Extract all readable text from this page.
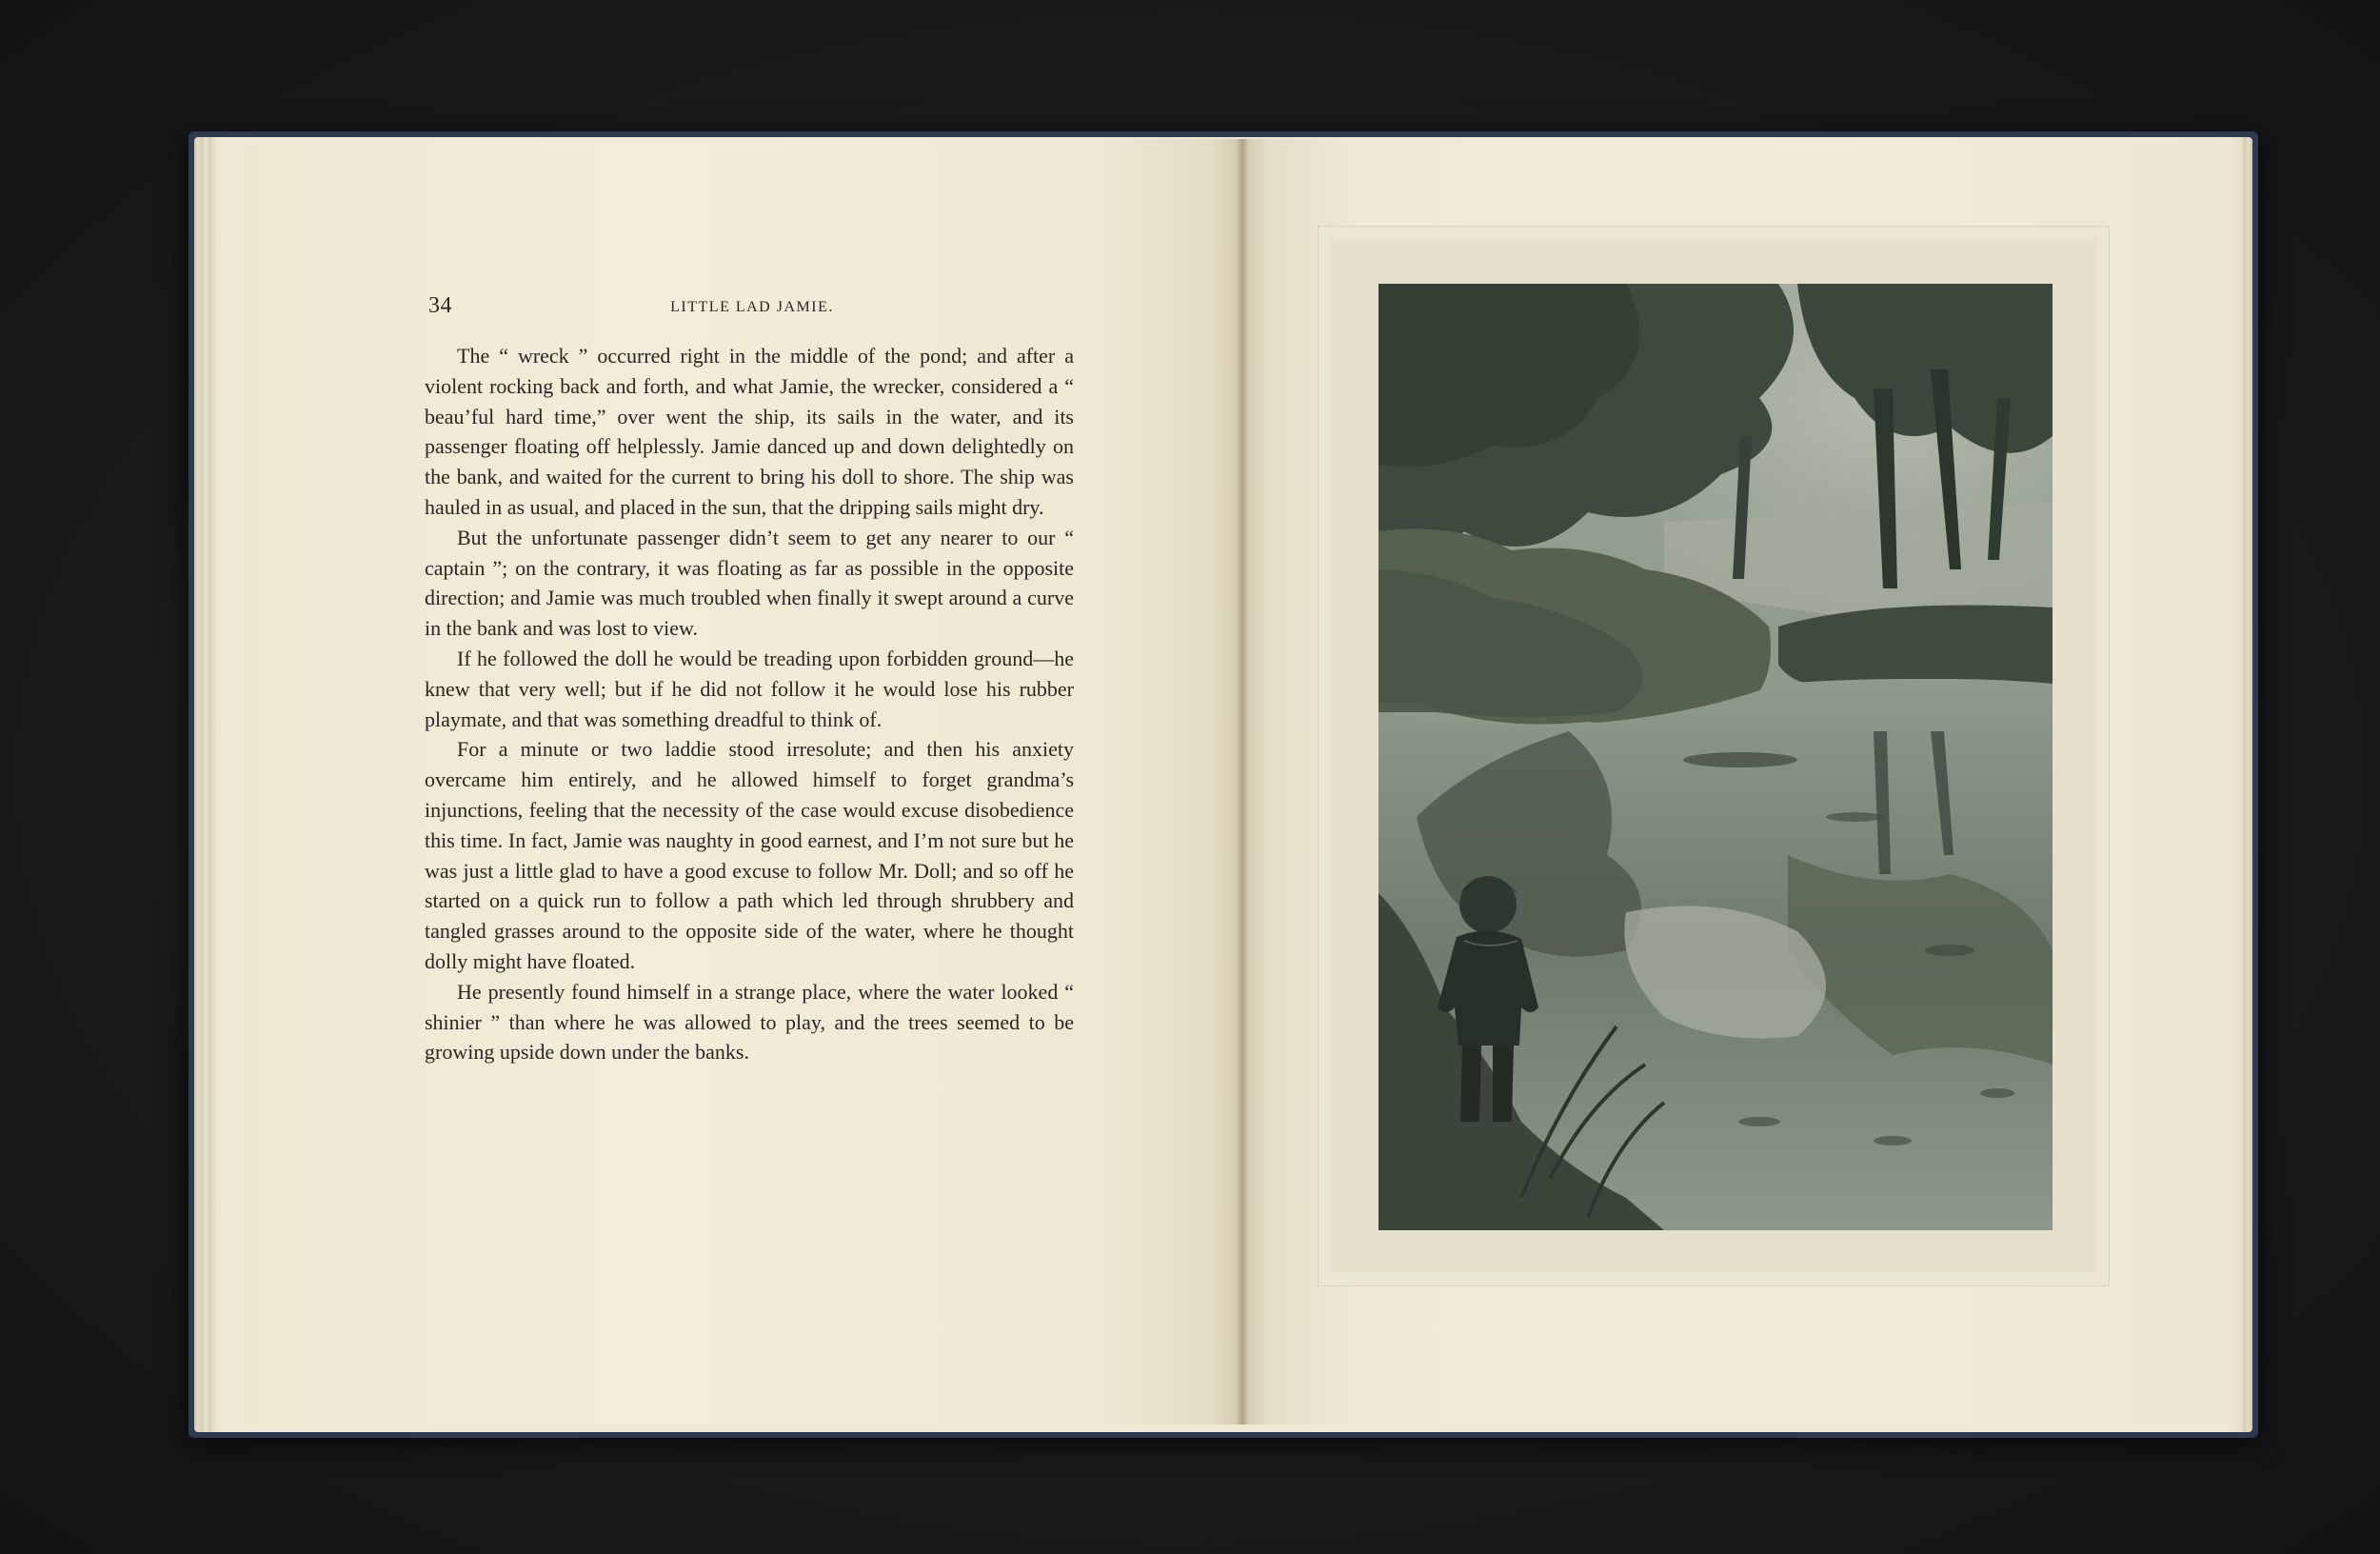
34	LITTLE LAD JAMIE.

The “ wreck ” occurred right in the middle of the pond; and after a violent rocking back and forth, and what Jamie, the wrecker, considered a “ beau’ful hard time,” over went the ship, its sails in the water, and its passenger floating off helplessly. Jamie danced up and down delightedly on the bank, and waited for the current to bring his doll to shore. The ship was hauled in as usual, and placed in the sun, that the dripping sails might dry.

But the unfortunate passenger didn’t seem to get any nearer to our “ captain ”; on the contrary, it was floating as far as possible in the opposite direction; and Jamie was much troubled when finally it swept around a curve in the bank and was lost to view.

If he followed the doll he would be treading upon forbidden ground—he knew that very well; but if he did not follow it he would lose his rubber playmate, and that was something dreadful to think of.

For a minute or two laddie stood irresolute; and then his anxiety overcame him entirely, and he allowed himself to forget grandma’s injunctions, feeling that the necessity of the case would excuse disobedience this time. In fact, Jamie was naughty in good earnest, and I’m not sure but he was just a little glad to have a good excuse to follow Mr. Doll; and so off he started on a quick run to follow a path which led through shrubbery and tangled grasses around to the opposite side of the water, where he thought dolly might have floated.

He presently found himself in a strange place, where the water looked “ shinier ” than where he was allowed to play, and the trees seemed to be growing upside down under the banks.
